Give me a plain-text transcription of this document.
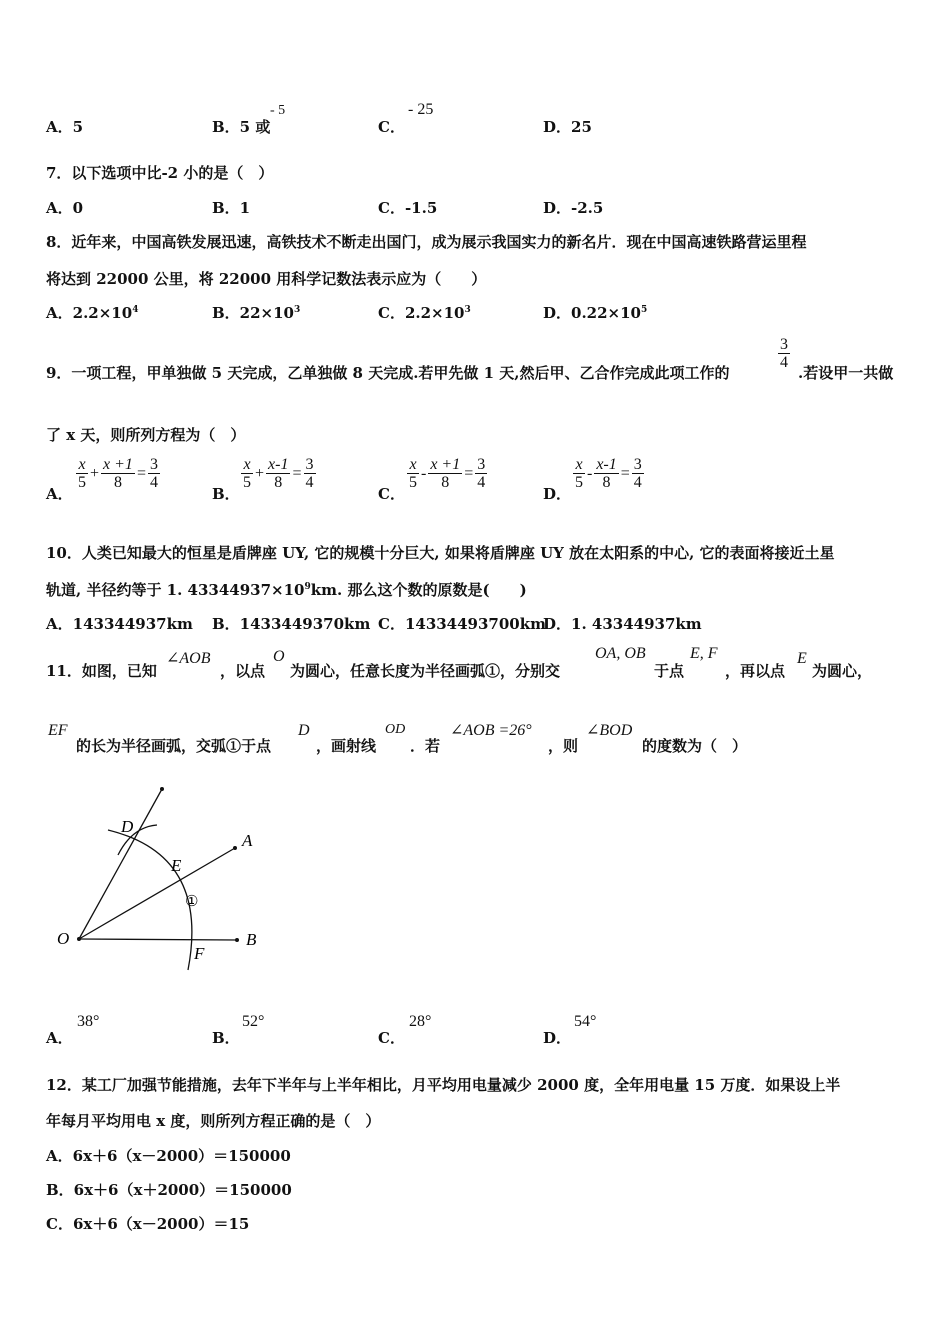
A．5	B．5 或
- 5
C．
- 25
D．25
7．以下选项中比-2 小的是（　）
A．0	B．1	C．-1.5	D．-2.5
8．近年来，中国高铁发展迅速，高铁技术不断走出国门，成为展示我国实力的新名片．现在中国高速铁路营运里程
将达到 22000 公里，将 22000 用科学记数法表示应为（　　）
A．$2.2\times 10^4$	B．$22\times 10^3$	C．$2.2\times 10^3$	D．$0.22\times 10^5$
9．一项工程，甲单独做 5 天完成，乙单独做 8 天完成.若甲先做 1 天,然后甲、乙合作完成此项工作的
$\frac{3}{4}$
.若设甲一共做
了 x 天，则所列方程为（　）
A．
$\frac{x}{5} + \frac{x +1}{8} = \frac{3}{4}$
B．
$\frac{x}{5} + \frac{x-1}{8} = \frac{3}{4}$
C．
$\frac{x}{5} - \frac{x +1}{8} = \frac{3}{4}$
D．
$\frac{x}{5} - \frac{x-1}{8} = \frac{3}{4}$
10．人类已知最大的恒星是盾牌座 UY, 它的规模十分巨大, 如果将盾牌座 UY 放在太阳系的中心, 它的表面将接近土星
轨道, 半径约等于 1. $43344937\times 10^9km$. 那么这个数的原数是(　　)
A．143344937km B．1433449370km C．14334493700km
D．1. 43344937km
11．如图，已知
∠AOB
，以点
O
为圆心，任意长度为半径画弧①，分别交
OA, OB
于点
E, F
，再以点
E
为圆心，
EF
的长为半径画弧，交弧①于点
D
，画射线
OD
．若
∠AOB =26°
，则
∠BOD
的度数为（　）
D
E
A
①
O	B
F
A．
38°
B．
52°
C．
28°
D．
54°
12．某工厂加强节能措施，去年下半年与上半年相比，月平均用电量减少 2000 度，全年用电量 15 万度．如果设上半
年每月平均用电 x 度，则所列方程正确的是（　）
A．6x＋6（x－2000）＝150000
B．6x＋6（x＋2000）＝150000
C．6x＋6（x－2000）＝15
